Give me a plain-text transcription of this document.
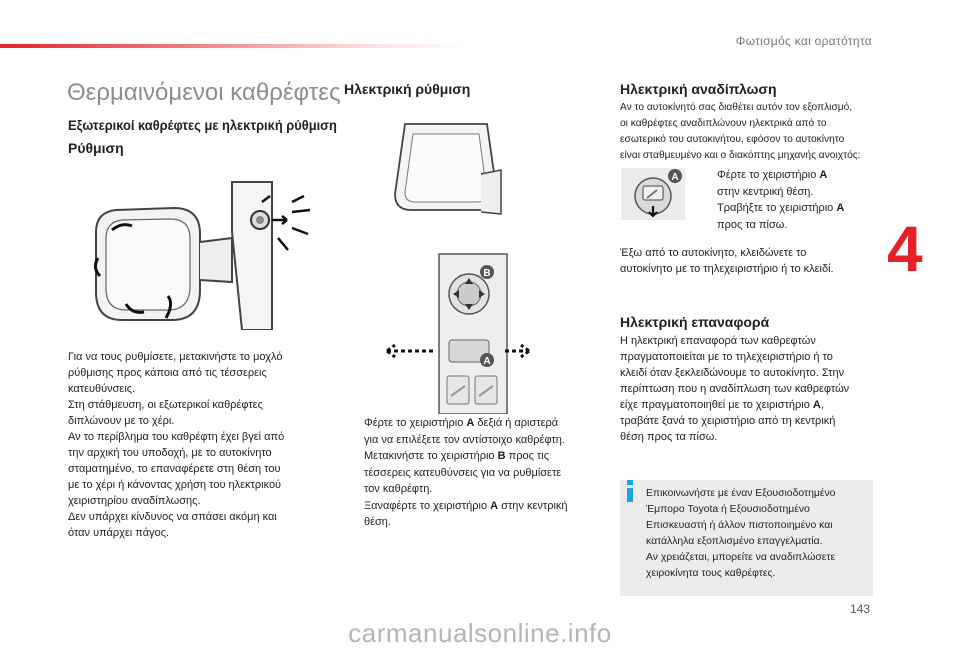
Φωτισμός και ορατότητα
4
143
Θερμαινόμενοι καθρέφτες
Εξωτερικοί καθρέφτες με ηλεκτρική ρύθμιση
Ρύθμιση

Για να τους ρυθμίσετε, μετακινήστε το μοχλό

ρύθμισης προς κάποια από τις τέσσερεις

κατευθύνσεις.

Στη στάθμευση, οι εξωτερικοί καθρέφτες

διπλώνουν με το χέρι.

Αν το περίβλημα του καθρέφτη έχει βγεί από

την αρχική του υποδοχή, με το αυτοκίνητο

σταματημένο, το επαναφέρετε στη θέση του

με το χέρι ή κάνοντας χρήση του ηλεκτρικού

χειριστηρίου αναδίπλωσης.

Δεν υπάρχει κίνδυνος να σπάσει ακόμη και

όταν υπάρχει πάγος.

Ηλεκτρική ρύθμιση
B
A
Φέρτε το χειριστήριο A δεξιά ή αριστερά
για να επιλέξετε τον αντίστοιχο καθρέφτη.
Μετακινήστε το χειριστήριο B προς τις
τέσσερεις κατευθύνσεις για να ρυθμίσετε
τον καθρέφτη.
Ξαναφέρτε το χειριστήριο A στην κεντρική
θέση.
Ηλεκτρική αναδίπλωση

Αν το αυτοκίνητό σας διαθέτει αυτόν τον εξοπλισμό,

οι καθρέφτες αναδιπλώνουν ηλεκτρικά από το

εσωτερικό του αυτοκινήτου, εφόσον το αυτοκίνητο

είναι σταθμευμένο και ο διακόπτης μηχανής ανοιχτός:

A	Φέρτε το χειριστήριο A
στην κεντρική θέση.
Τραβήξτε το χειριστήριο A
προς τα πίσω.

Έξω από το αυτοκίνητο, κλειδώνετε το

αυτοκίνητο με το τηλεχειριστήριο ή το κλειδί.

Ηλεκτρική επαναφορά

Η ηλεκτρική επαναφορά των καθρεφτών

πραγματοποιείται με το τηλεχειριστήριο ή το

κλειδί όταν ξεκλειδώνουμε το αυτοκίνητο. Στην

περίπτωση που η αναδίπλωση των καθρεφτών

είχε πραγματοποιηθεί με το χειριστήριο A,

τραβάτε ξανά το χειριστήριο από τη κεντρική

θέση προς τα πίσω.

Επικοινωνήστε με έναν Εξουσιοδοτημένο

Έμπορο Toyota ή Εξουσιοδοτημένο

Επισκευαστή ή άλλον πιστοποιημένο και

κατάλληλα εξοπλισμένο επαγγελματία.

Αν χρειάζεται, μπορείτε να αναδιπλώσετε

χειροκίνητα τους καθρέφτες.

carmanualsonline.info
